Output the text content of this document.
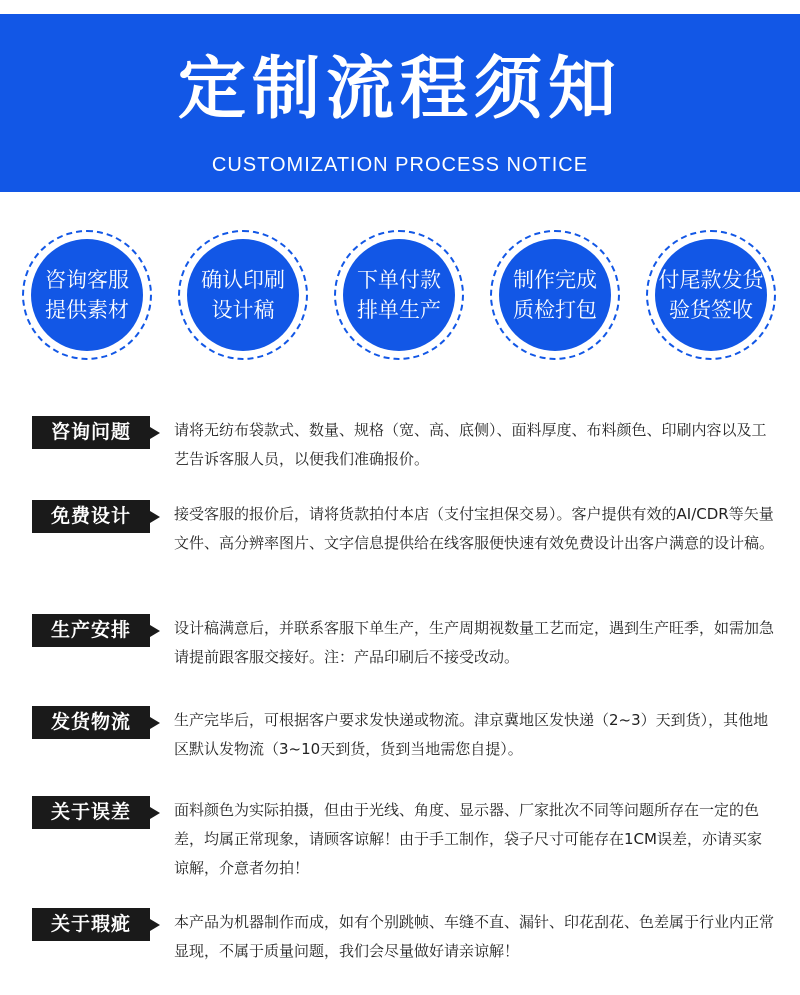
定制流程须知
CUSTOMIZATION PROCESS NOTICE
咨询客服
提供素材
确认印刷
设计稿
下单付款
排单生产
制作完成
质检打包
付尾款发货
验货签收
咨询问题	请将无纺布袋款式、数量、规格（宽、高、底侧）、面料厚度、布料颜色、印刷内容以及工艺告诉客服人员，以便我们准确报价。
免费设计	接受客服的报价后，请将货款拍付本店（支付宝担保交易）。客户提供有效的AI/CDR等矢量文件、高分辨率图片、文字信息提供给在线客服便快速有效免费设计出客户满意的设计稿。
生产安排	设计稿满意后，并联系客服下单生产，生产周期视数量工艺而定，遇到生产旺季，如需加急请提前跟客服交接好。注：产品印刷后不接受改动。
发货物流	生产完毕后，可根据客户要求发快递或物流。津京冀地区发快递（2~3）天到货），其他地区默认发物流（3~10天到货，货到当地需您自提）。
关于误差	面料颜色为实际拍摄，但由于光线、角度、显示器、厂家批次不同等问题所存在一定的色差，均属正常现象，请顾客谅解！由于手工制作，袋子尺寸可能存在1CM误差，亦请买家谅解，介意者勿拍！
关于瑕疵	本产品为机器制作而成，如有个别跳帧、车缝不直、漏针、印花刮花、色差属于行业内正常显现，不属于质量问题，我们会尽量做好请亲谅解！
